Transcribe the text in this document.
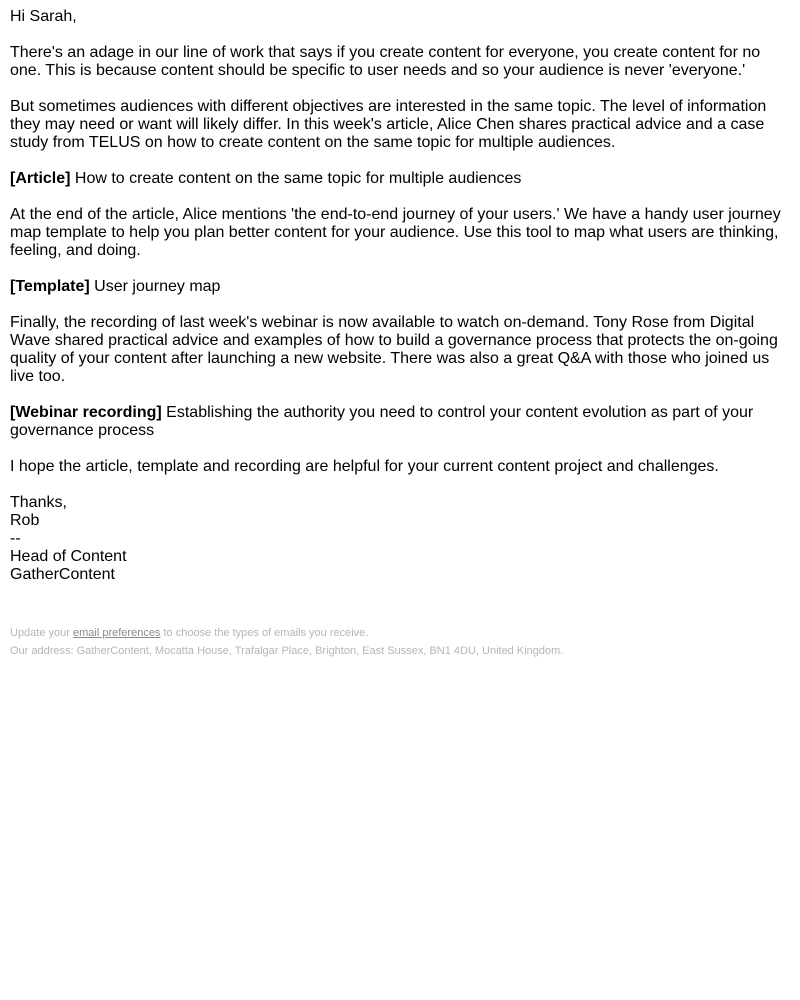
Hi Sarah,

There's an adage in our line of work that says if you create content for everyone, you create content for no one. This is because content should be specific to user needs and so your audience is never 'everyone.'

But sometimes audiences with different objectives are interested in the same topic. The level of information they may need or want will likely differ. In this week's article, Alice Chen shares practical advice and a case study from TELUS on how to create content on the same topic for multiple audiences.

[Article] How to create content on the same topic for multiple audiences

At the end of the article, Alice mentions 'the end-to-end journey of your users.' We have a handy user journey map template to help you plan better content for your audience. Use this tool to map what users are thinking, feeling, and doing.

[Template] User journey map

Finally, the recording of last week's webinar is now available to watch on-demand. Tony Rose from Digital Wave shared practical advice and examples of how to build a governance process that protects the on-going quality of your content after launching a new website. There was also a great Q&A with those who joined us live too.

[Webinar recording] Establishing the authority you need to control your content evolution as part of your governance process

I hope the article, template and recording are helpful for your current content project and challenges.

Thanks,
Rob
--
Head of Content
GatherContent

Update your email preferences to choose the types of emails you receive.

Our address: GatherContent, Mocatta House, Trafalgar Place, Brighton, East Sussex, BN1 4DU, United Kingdom.
